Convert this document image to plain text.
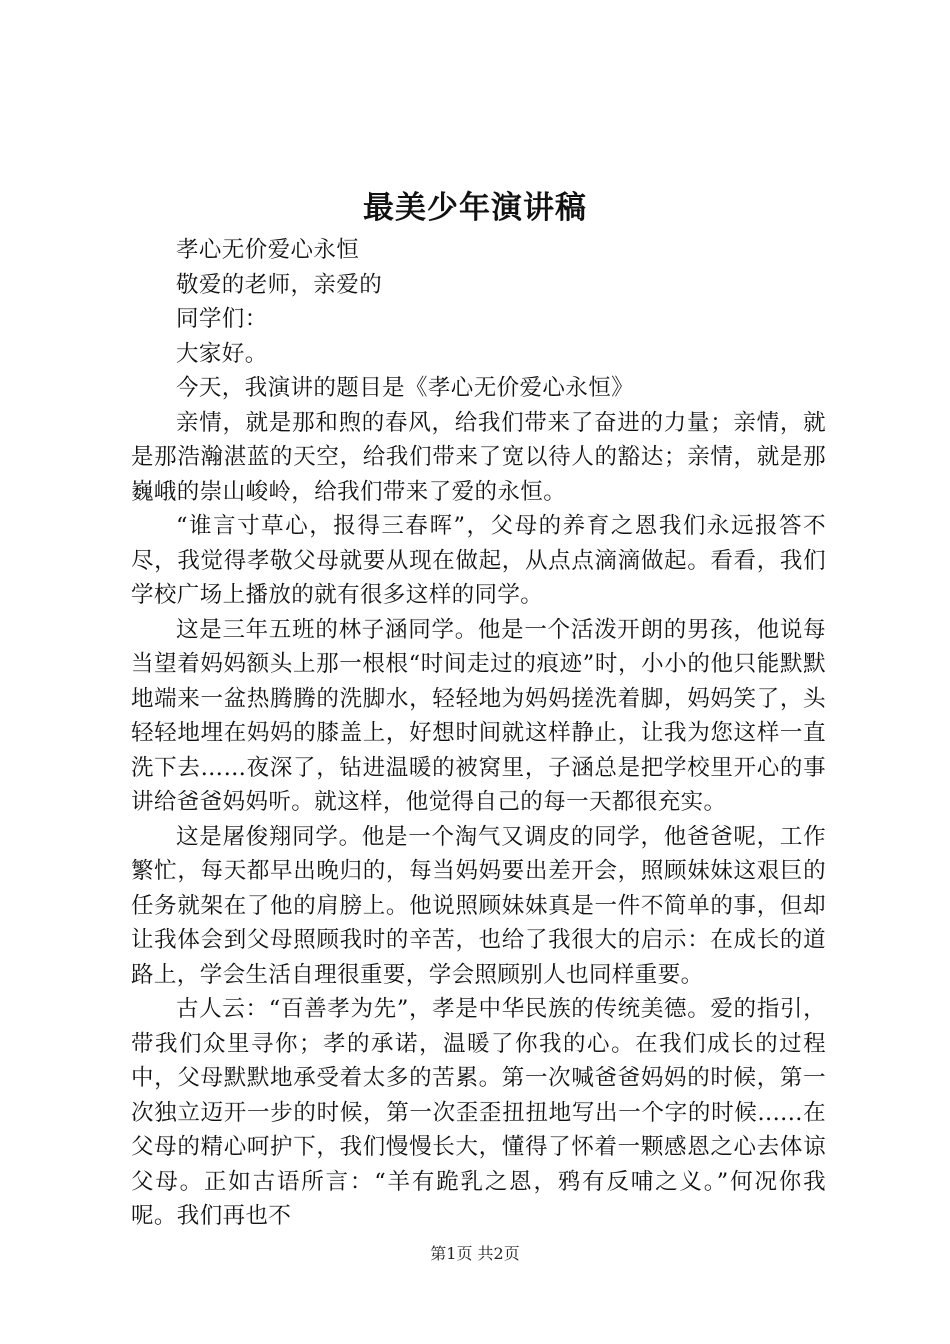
最美少年演讲稿

孝心无价爱心永恒

敬爱的老师，亲爱的

同学们：

大家好。

今天，我演讲的题目是《孝心无价爱心永恒》

亲情，就是那和煦的春风，给我们带来了奋进的力量；亲情，就是那浩瀚湛蓝的天空，给我们带来了宽以待人的豁达；亲情，就是那巍峨的崇山峻岭，给我们带来了爱的永恒。

“谁言寸草心，报得三春晖”，父母的养育之恩我们永远报答不尽，我觉得孝敬父母就要从现在做起，从点点滴滴做起。看看，我们学校广场上播放的就有很多这样的同学。

这是三年五班的林子涵同学。他是一个活泼开朗的男孩，他说每当望着妈妈额头上那一根根“时间走过的痕迹”时，小小的他只能默默地端来一盆热腾腾的洗脚水，轻轻地为妈妈搓洗着脚，妈妈笑了，头轻轻地埋在妈妈的膝盖上，好想时间就这样静止，让我为您这样一直洗下去……夜深了，钻进温暖的被窝里，子涵总是把学校里开心的事讲给爸爸妈妈听。就这样，他觉得自己的每一天都很充实。

这是屠俊翔同学。他是一个淘气又调皮的同学，他爸爸呢，工作繁忙，每天都早出晚归的，每当妈妈要出差开会，照顾妹妹这艰巨的任务就架在了他的肩膀上。他说照顾妹妹真是一件不简单的事，但却让我体会到父母照顾我时的辛苦，也给了我很大的启示：在成长的道路上，学会生活自理很重要，学会照顾别人也同样重要。

古人云：“百善孝为先”，孝是中华民族的传统美德。爱的指引，带我们众里寻你；孝的承诺，温暖了你我的心。在我们成长的过程中，父母默默地承受着太多的苦累。第一次喊爸爸妈妈的时候，第一次独立迈开一步的时候，第一次歪歪扭扭地写出一个字的时候......在父母的精心呵护下，我们慢慢长大，懂得了怀着一颗感恩之心去体谅父母。正如古语所言：“羊有跪乳之恩，鸦有反哺之义。”何况你我呢。我们再也不

第1页 共2页
